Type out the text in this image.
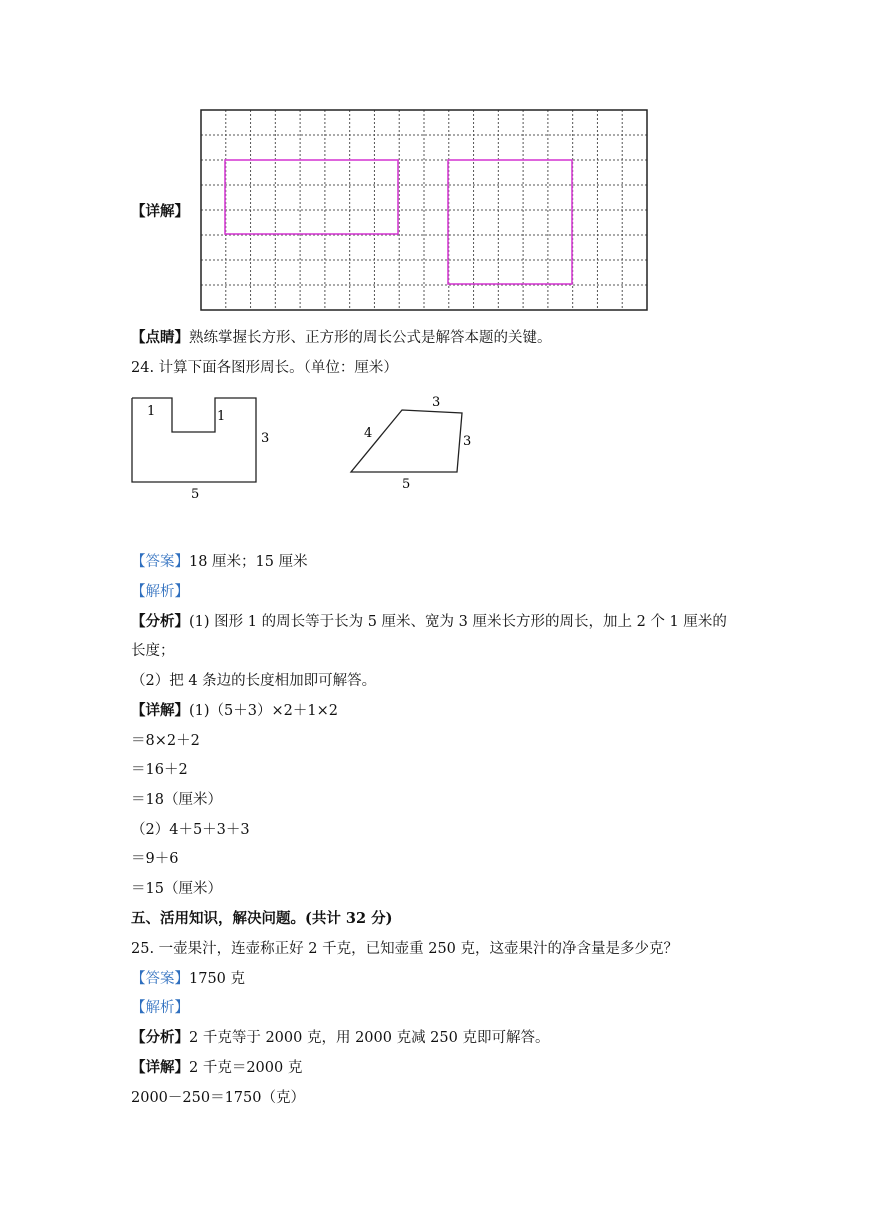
【详解】
【点睛】熟练掌握长方形、正方形的周长公式是解答本题的关键。
24. 计算下面各图形周长。（单位：厘米）
1	1
3
5
3
4
3
5
【答案】18 厘米；15 厘米
【解析】
【分析】(1) 图形 1 的周长等于长为 5 厘米、宽为 3 厘米长方形的周长，加上 2 个 1 厘米的
长度；
（2）把 4 条边的长度相加即可解答。
【详解】(1)（5＋3）×2＋1×2
＝8×2＋2
＝16＋2
＝18（厘米）
（2）4＋5＋3＋3
＝9＋6
＝15（厘米）
五、活用知识，解决问题。(共计 32 分)
25. 一壶果汁，连壶称正好 2 千克，已知壶重 250 克，这壶果汁的净含量是多少克？
【答案】1750 克
【解析】
【分析】2 千克等于 2000 克，用 2000 克减 250 克即可解答。
【详解】2 千克＝2000 克
2000－250＝1750（克）
